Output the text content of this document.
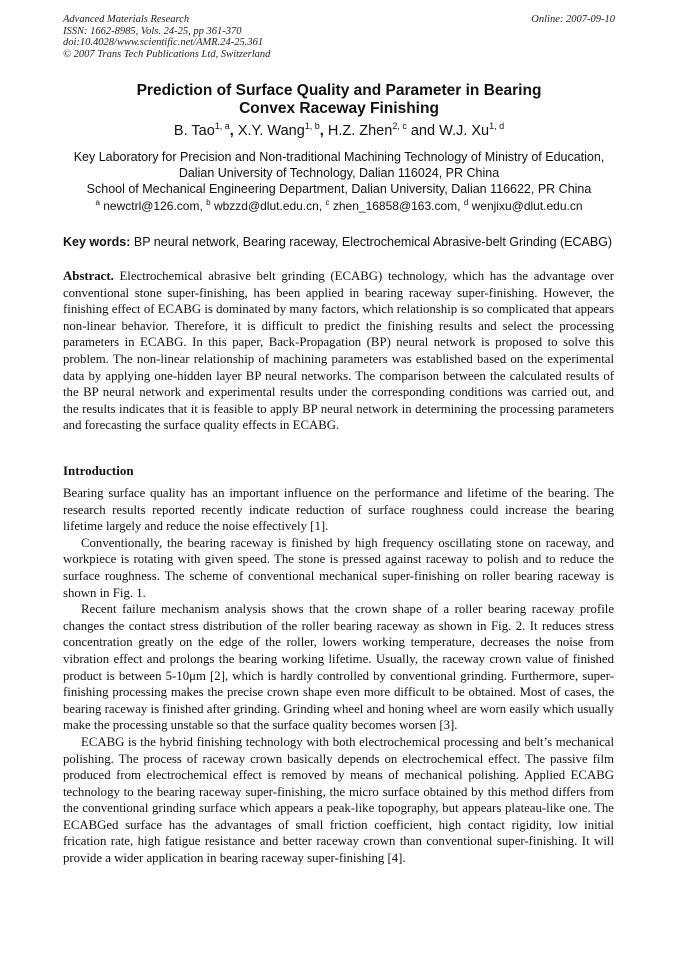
Advanced Materials Research
ISSN: 1662-8985, Vols. 24-25, pp 361-370
doi:10.4028/www.scientific.net/AMR.24-25.361
© 2007 Trans Tech Publications Ltd, Switzerland
Online: 2007-09-10
Prediction of Surface Quality and Parameter in Bearing
Convex Raceway Finishing
B. Tao$^{1, a}$, X.Y. Wang$^{1, b}$, H.Z. Zhen$^{2, c}$ and W.J. Xu$^{1, d}$
Key Laboratory for Precision and Non-traditional Machining Technology of Ministry of Education,
Dalian University of Technology, Dalian 116024, PR China
School of Mechanical Engineering Department, Dalian University, Dalian 116622, PR China
$^a$ newctrl@126.com, $^b$ wbzzd@dlut.edu.cn, $^c$ zhen_16858@163.com, $^d$ wenjixu@dlut.edu.cn
Key words: BP neural network, Bearing raceway, Electrochemical Abrasive-belt Grinding (ECABG)

Abstract. Electrochemical abrasive belt grinding (ECABG) technology, which has the advantage over conventional stone super-finishing, has been applied in bearing raceway super-finishing. However, the finishing effect of ECABG is dominated by many factors, which relationship is so complicated that appears non-linear behavior. Therefore, it is difficult to predict the finishing results and select the processing parameters in ECABG. In this paper, Back-Propagation (BP) neural network is proposed to solve this problem. The non-linear relationship of machining parameters was established based on the experimental data by applying one-hidden layer BP neural networks. The comparison between the calculated results of the BP neural network and experimental results under the corresponding conditions was carried out, and the results indicates that it is feasible to apply BP neural network in determining the processing parameters and forecasting the surface quality effects in ECABG.

Introduction

Bearing surface quality has an important influence on the performance and lifetime of the bearing. The research results reported recently indicate reduction of surface roughness could increase the bearing lifetime largely and reduce the noise effectively [1].

Conventionally, the bearing raceway is finished by high frequency oscillating stone on raceway, and workpiece is rotating with given speed. The stone is pressed against raceway to polish and to reduce the surface roughness. The scheme of conventional mechanical super-finishing on roller bearing raceway is shown in Fig. 1.

Recent failure mechanism analysis shows that the crown shape of a roller bearing raceway profile changes the contact stress distribution of the roller bearing raceway as shown in Fig. 2. It reduces stress concentration greatly on the edge of the roller, lowers working temperature, decreases the noise from vibration effect and prolongs the bearing working lifetime. Usually, the raceway crown value of finished product is between 5-10μm [2], which is hardly controlled by conventional grinding. Furthermore, super-finishing processing makes the precise crown shape even more difficult to be obtained. Most of cases, the bearing raceway is finished after grinding. Grinding wheel and honing wheel are worn easily which usually make the processing unstable so that the surface quality becomes worsen [3].

ECABG is the hybrid finishing technology with both electrochemical processing and belt’s mechanical polishing. The process of raceway crown basically depends on electrochemical effect. The passive film produced from electrochemical effect is removed by means of mechanical polishing. Applied ECABG technology to the bearing raceway super-finishing, the micro surface obtained by this method differs from the conventional grinding surface which appears a peak-like topography, but appears plateau-like one. The ECABGed surface has the advantages of small friction coefficient, high contact rigidity, low initial frication rate, high fatigue resistance and better raceway crown than conventional super-finishing. It will provide a wider application in bearing raceway super-finishing [4].
